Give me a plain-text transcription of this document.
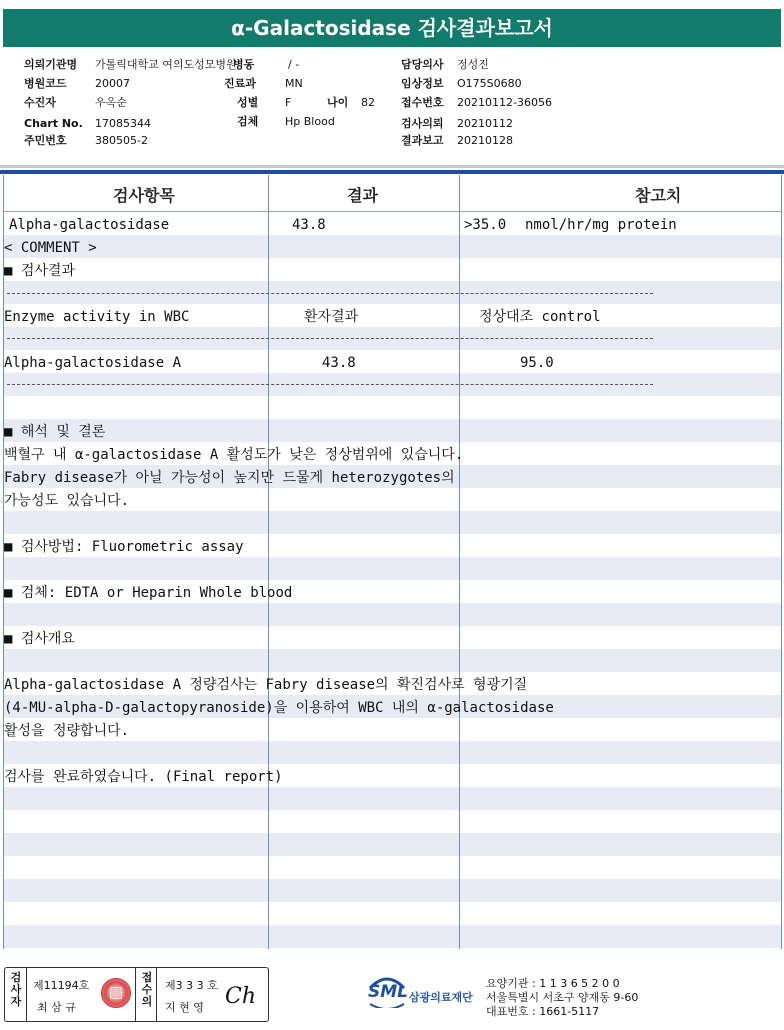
α-Galactosidase 검사결과보고서
의뢰기관명 가톨릭대학교 여의도성모병원
병동	/ -	담당의사 정성진
병원코드	20007	진료과	MN	임상정보 O175S0680
수진자	우옥순	성별 F	나이 82 접수번호 20210112-36056
Chart No. 17085344	검체 Hp Blood	검사의뢰 20210112
주민번호	380505-2	결과보고 20210128
검사항목	결과	참고치
Alpha-galactosidase	43.8	>35.0 nmol/hr/mg protein
< COMMENT >
■ 검사결과
Enzyme activity in WBC	환자결과	정상대조 control
Alpha-galactosidase A	43.8	95.0
■ 해석 및 결론
백혈구 내 α-galactosidase A 활성도가 낮은 정상범위에 있습니다.
Fabry disease가 아닐 가능성이 높지만 드물게 heterozygotes의
가능성도 있습니다.
■ 검사방법: Fluorometric assay
■ 검체: EDTA or Heparin Whole blood
■ 검사개요
Alpha-galactosidase A 정량검사는 Fabry disease의 확진검사로 형광기질
(4-MU-alpha-D-galactopyranoside)을 이용하여 WBC 내의 α-galactosidase
활성을 정량합니다.
검사를 완료하였습니다. (Final report)
검사자
제11194호
최 삼 규
접수의
제3 3 3 호
지 현 영 Ch	SML 삼광의료재단
요양기관 : 1 1 3 6 5 2 0 0
서울특별시 서초구 양재동 9-60
대표번호 : 1661-5117
